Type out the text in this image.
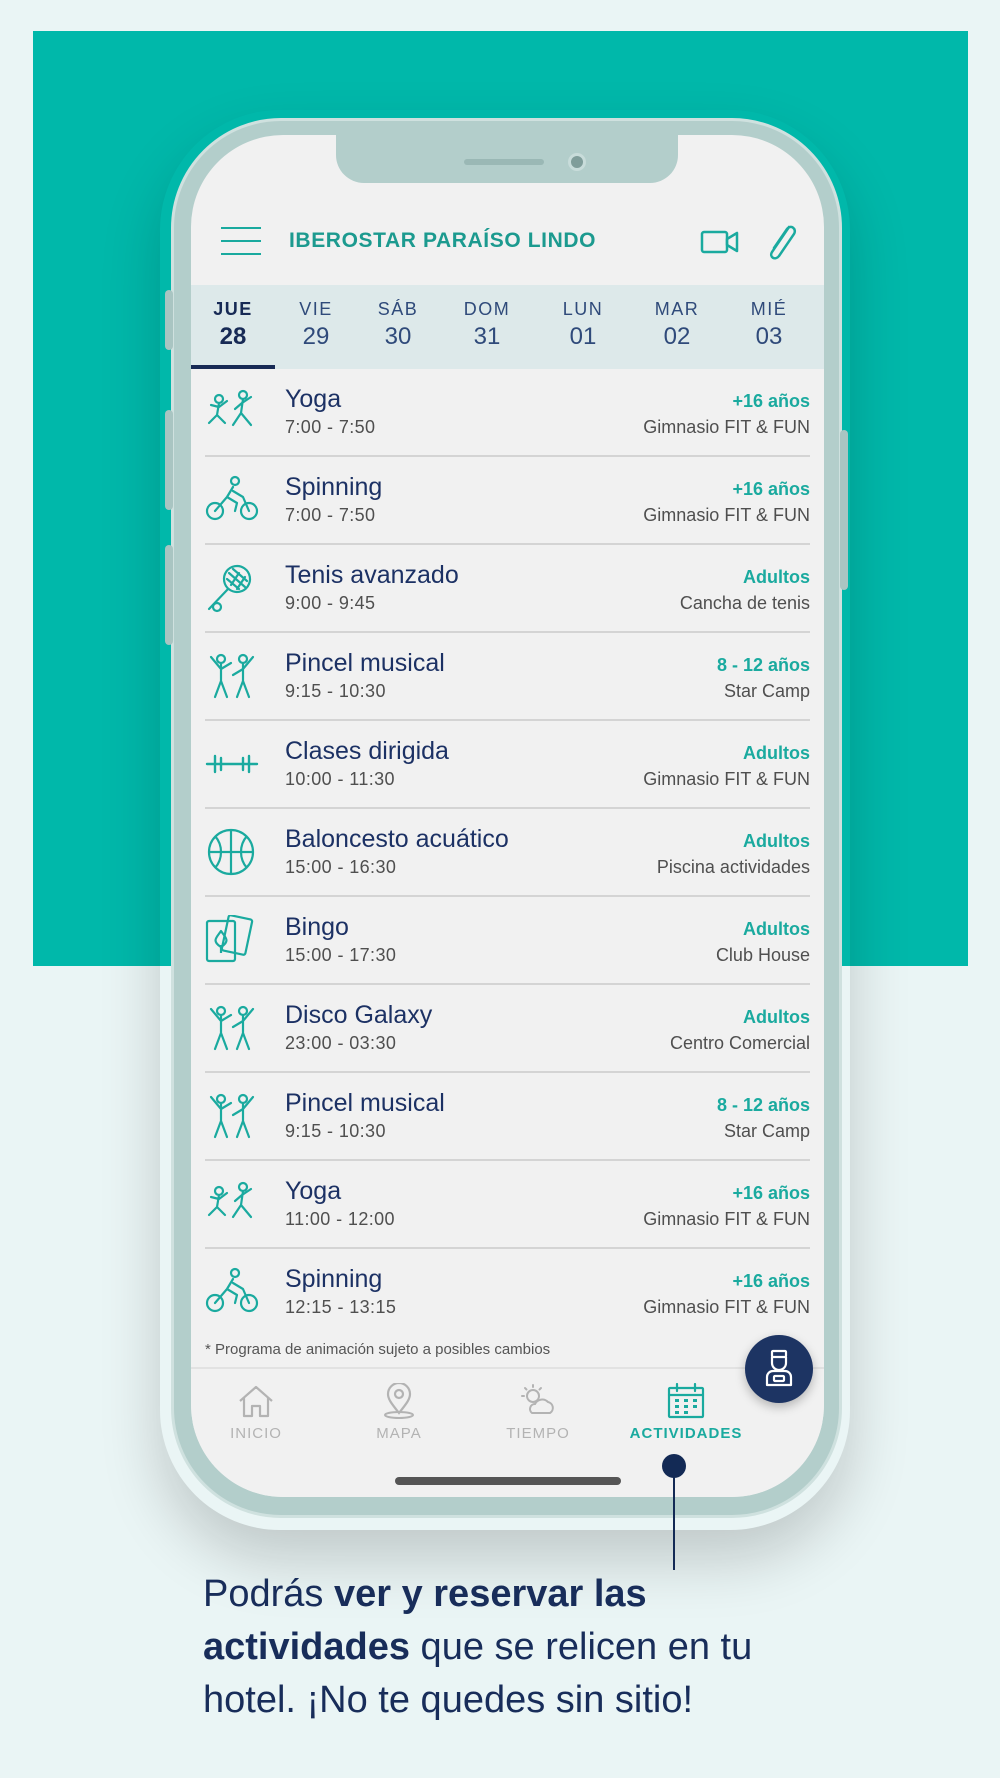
IBEROSTAR PARAÍSO LINDO
JUE
28
VIE
29
SÁB
30
DOM
31
LUN
01
MAR
02
MIÉ
03
Yoga
7:00 - 7:50
+16 años
Gimnasio FIT & FUN
Spinning
7:00 - 7:50
+16 años
Gimnasio FIT & FUN
Tenis avanzado
9:00 - 9:45
Adultos
Cancha de tenis
Pincel musical
9:15 - 10:30
8 - 12 años
Star Camp
Clases dirigida
10:00 - 11:30
Adultos
Gimnasio FIT & FUN
Baloncesto acuático
15:00 - 16:30
Adultos
Piscina actividades
Bingo
15:00 - 17:30
Adultos
Club House
Disco Galaxy
23:00 - 03:30
Adultos
Centro Comercial
Pincel musical
9:15 - 10:30
8 - 12 años
Star Camp
Yoga
11:00 - 12:00
+16 años
Gimnasio FIT & FUN
Spinning
12:15 - 13:15
+16 años
Gimnasio FIT & FUN
* Programa de animación sujeto a posibles cambios
INICIO	MAPA	TIEMPO	ACTIVIDADES
Podrás ver y reservar las actividades que se relicen en tu hotel. ¡No te quedes sin sitio!
